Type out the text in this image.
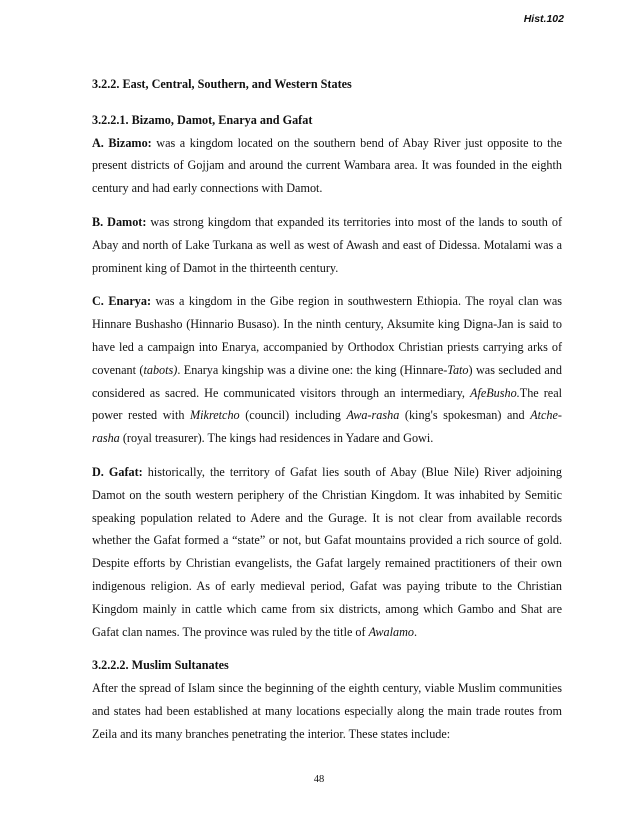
Hist.102
3.2.2. East, Central, Southern, and Western States
3.2.2.1. Bizamo, Damot, Enarya and Gafat

A. Bizamo: was a kingdom located on the southern bend of Abay River just opposite to the present districts of Gojjam and around the current Wambara area. It was founded in the eighth century and had early connections with Damot.

B. Damot: was strong kingdom that expanded its territories into most of the lands to south of Abay and north of Lake Turkana as well as west of Awash and east of Didessa. Motalami was a prominent king of Damot in the thirteenth century.

C. Enarya: was a kingdom in the Gibe region in southwestern Ethiopia. The royal clan was Hinnare Bushasho (Hinnario Busaso). In the ninth century, Aksumite king Digna-Jan is said to have led a campaign into Enarya, accompanied by Orthodox Christian priests carrying arks of covenant (tabots). Enarya kingship was a divine one: the king (Hinnare-Tato) was secluded and considered as sacred. He communicated visitors through an intermediary, AfeBusho.The real power rested with Mikretcho (council) including Awa-rasha (king's spokesman) and Atche-rasha (royal treasurer). The kings had residences in Yadare and Gowi.

D. Gafat: historically, the territory of Gafat lies south of Abay (Blue Nile) River adjoining Damot on the south western periphery of the Christian Kingdom. It was inhabited by Semitic speaking population related to Adere and the Gurage. It is not clear from available records whether the Gafat formed a “state” or not, but Gafat mountains provided a rich source of gold. Despite efforts by Christian evangelists, the Gafat largely remained practitioners of their own indigenous religion. As of early medieval period, Gafat was paying tribute to the Christian Kingdom mainly in cattle which came from six districts, among which Gambo and Shat are Gafat clan names. The province was ruled by the title of Awalamo.

3.2.2.2. Muslim Sultanates

After the spread of Islam since the beginning of the eighth century, viable Muslim communities and states had been established at many locations especially along the main trade routes from Zeila and its many branches penetrating the interior. These states include:

48
